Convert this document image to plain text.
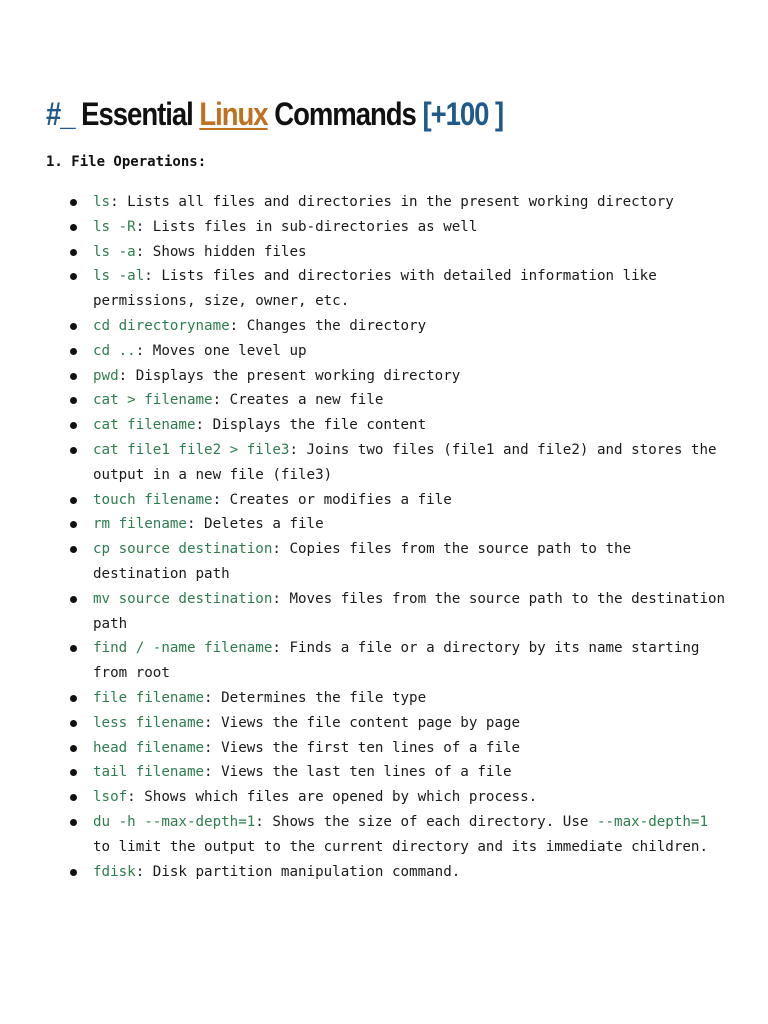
#_ Essential Linux Commands [+100 ]
1. File Operations:
ls: Lists all files and directories in the present working directory
ls -R: Lists files in sub-directories as well
ls -a: Shows hidden files
ls -al: Lists files and directories with detailed information like permissions, size, owner, etc.
cd directoryname: Changes the directory
cd ..: Moves one level up
pwd: Displays the present working directory
cat > filename: Creates a new file
cat filename: Displays the file content
cat file1 file2 > file3: Joins two files (file1 and file2) and stores the output in a new file (file3)
touch filename: Creates or modifies a file
rm filename: Deletes a file
cp source destination: Copies files from the source path to the destination path
mv source destination: Moves files from the source path to the destination path
find / -name filename: Finds a file or a directory by its name starting from root
file filename: Determines the file type
less filename: Views the file content page by page
head filename: Views the first ten lines of a file
tail filename: Views the last ten lines of a file
lsof: Shows which files are opened by which process.
du -h --max-depth=1: Shows the size of each directory. Use --max-depth=1 to limit the output to the current directory and its immediate children.
fdisk: Disk partition manipulation command.
